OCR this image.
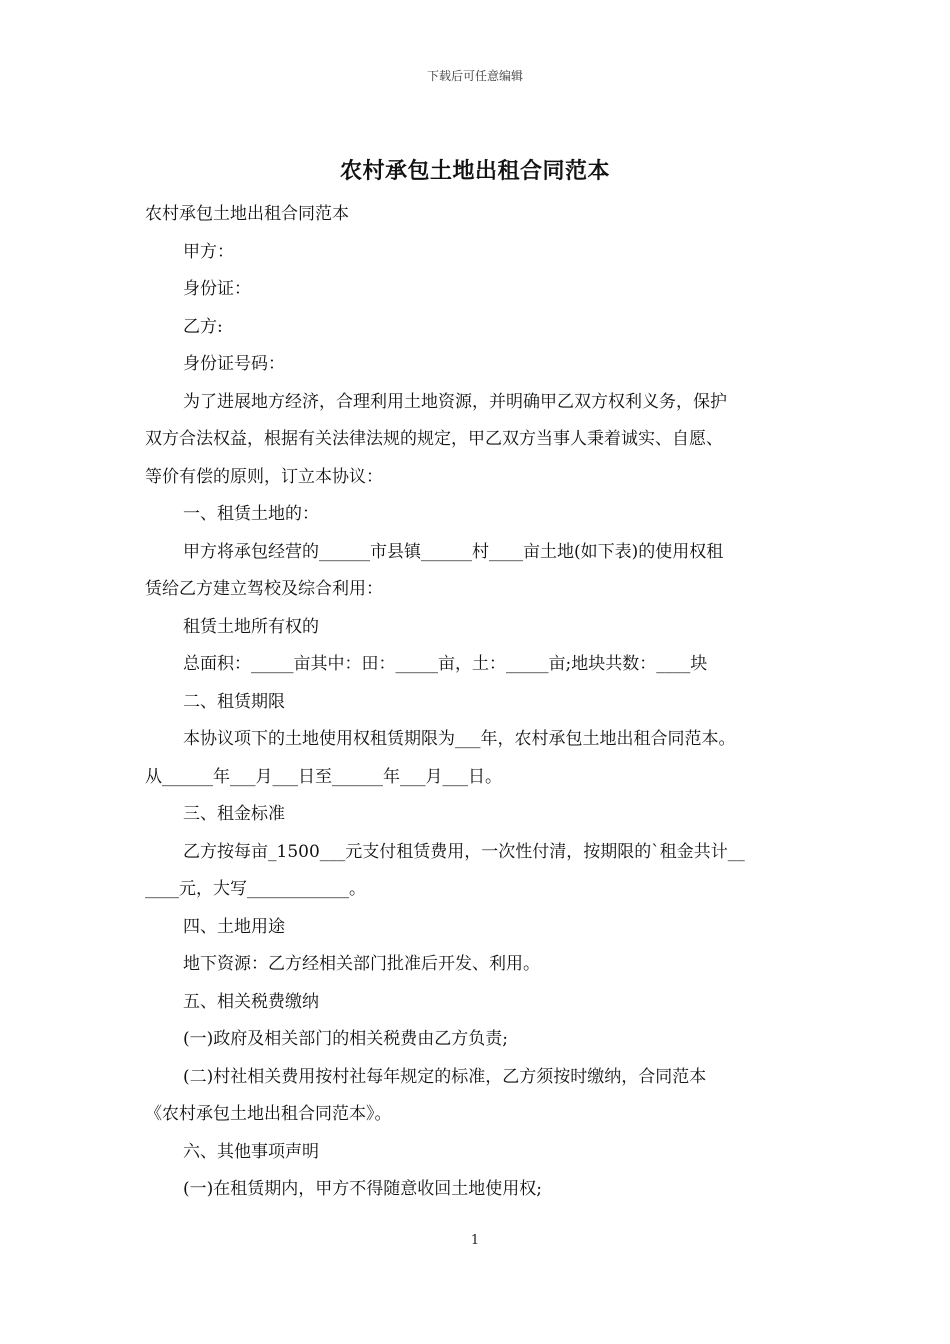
下载后可任意编辑
农村承包土地出租合同范本
农村承包土地出租合同范本
甲方：
身份证：
乙方:
身份证号码：
为了进展地方经济，合理利用土地资源，并明确甲乙双方权利义务，保护
双方合法权益，根据有关法律法规的规定，甲乙双方当事人秉着诚实、自愿、
等价有偿的原则，订立本协议：
一、租赁土地的：
甲方将承包经营的______市县镇______村____亩土地(如下表)的使用权租
赁给乙方建立驾校及综合利用：
租赁土地所有权的
总面积：_____亩其中：田：_____亩，土：_____亩;地块共数：____块
二、租赁期限
本协议项下的土地使用权租赁期限为___年，农村承包土地出租合同范本。
从______年___月___日至______年___月___日。
三、租金标准
乙方按每亩_1500___元支付租赁费用，一次性付清，按期限的`租金共计__
____元，大写____________。
四、土地用途
地下资源：乙方经相关部门批准后开发、利用。
五、相关税费缴纳
(一)政府及相关部门的相关税费由乙方负责;
(二)村社相关费用按村社每年规定的标准，乙方须按时缴纳，合同范本
《农村承包土地出租合同范本》。
六、其他事项声明
(一)在租赁期内，甲方不得随意收回土地使用权;
1
